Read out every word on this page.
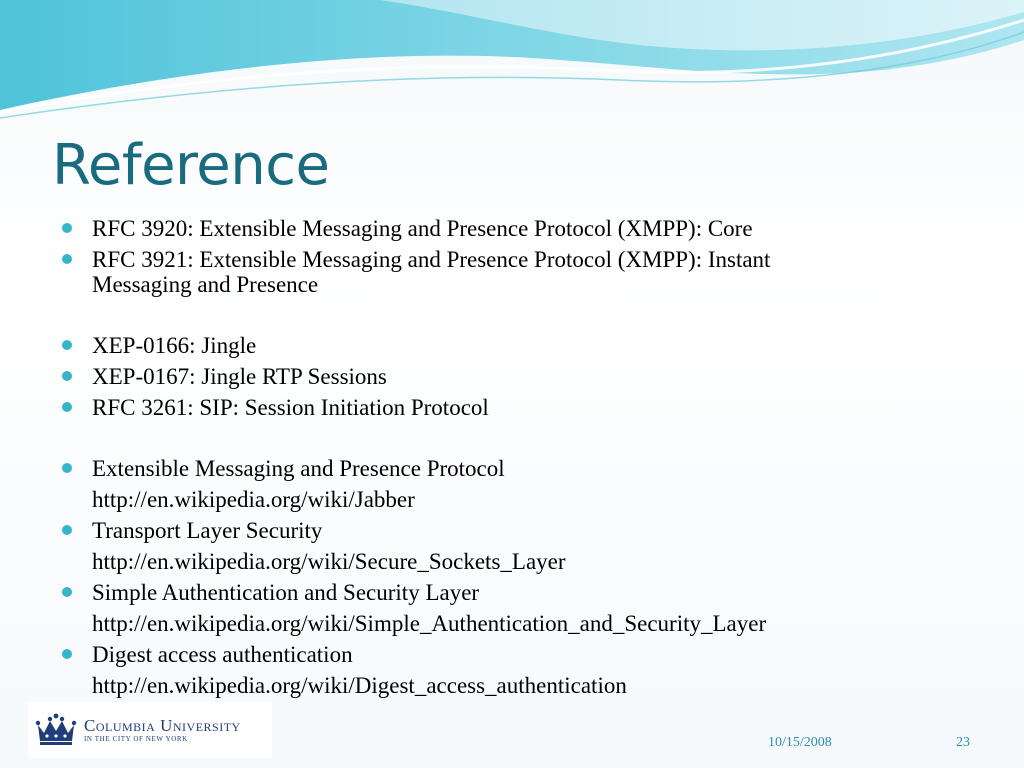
Reference
RFC 3920: Extensible Messaging and Presence Protocol (XMPP): Core
RFC 3921: Extensible Messaging and Presence Protocol (XMPP): Instant
Messaging and Presence
XEP-0166: Jingle
XEP-0167: Jingle RTP Sessions
RFC 3261: SIP: Session Initiation Protocol
Extensible Messaging and Presence Protocol
http://en.wikipedia.org/wiki/Jabber
Transport Layer Security
http://en.wikipedia.org/wiki/Secure_Sockets_Layer
Simple Authentication and Security Layer
http://en.wikipedia.org/wiki/Simple_Authentication_and_Security_Layer
Digest access authentication
http://en.wikipedia.org/wiki/Digest_access_authentication
Columbia University
IN THE CITY OF NEW YORK	10/15/2008	23
